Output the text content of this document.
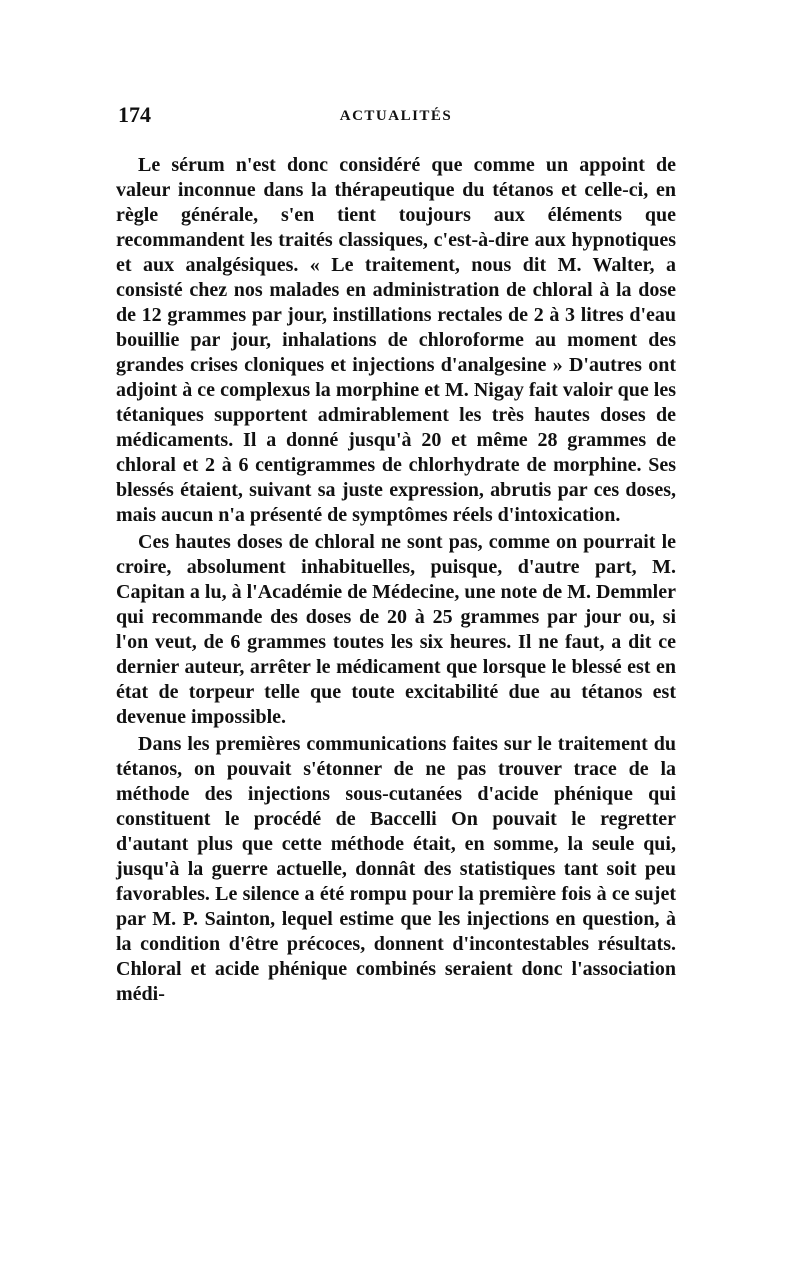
174	ACTUALITÉS

Le sérum n'est donc considéré que comme un appoint de valeur inconnue dans la thérapeutique du tétanos et celle-ci, en règle générale, s'en tient toujours aux éléments que recommandent les traités classiques, c'est-à-dire aux hypnotiques et aux analgésiques. « Le traitement, nous dit M. Walter, a consisté chez nos malades en administration de chloral à la dose de 12 grammes par jour, instillations rectales de 2 à 3 litres d'eau bouillie par jour, inhalations de chloroforme au moment des grandes crises cloniques et injections d'analgesine » D'autres ont adjoint à ce complexus la morphine et M. Nigay fait valoir que les tétaniques supportent admirablement les très hautes doses de médicaments. Il a donné jusqu'à 20 et même 28 grammes de chloral et 2 à 6 centigrammes de chlorhydrate de morphine. Ses blessés étaient, suivant sa juste expression, abrutis par ces doses, mais aucun n'a présenté de symptômes réels d'intoxication.

Ces hautes doses de chloral ne sont pas, comme on pourrait le croire, absolument inhabituelles, puisque, d'autre part, M. Capitan a lu, à l'Académie de Médecine, une note de M. Demmler qui recommande des doses de 20 à 25 grammes par jour ou, si l'on veut, de 6 grammes toutes les six heures. Il ne faut, a dit ce dernier auteur, arrêter le médicament que lorsque le blessé est en état de torpeur telle que toute excitabilité due au tétanos est devenue impossible.

Dans les premières communications faites sur le traitement du tétanos, on pouvait s'étonner de ne pas trouver trace de la méthode des injections sous-cutanées d'acide phénique qui constituent le procédé de Baccelli On pouvait le regretter d'autant plus que cette méthode était, en somme, la seule qui, jusqu'à la guerre actuelle, donnât des statistiques tant soit peu favorables. Le silence a été rompu pour la première fois à ce sujet par M. P. Sainton, lequel estime que les injections en question, à la condition d'être précoces, donnent d'incontestables résultats. Chloral et acide phénique combinés seraient donc l'association médi-
